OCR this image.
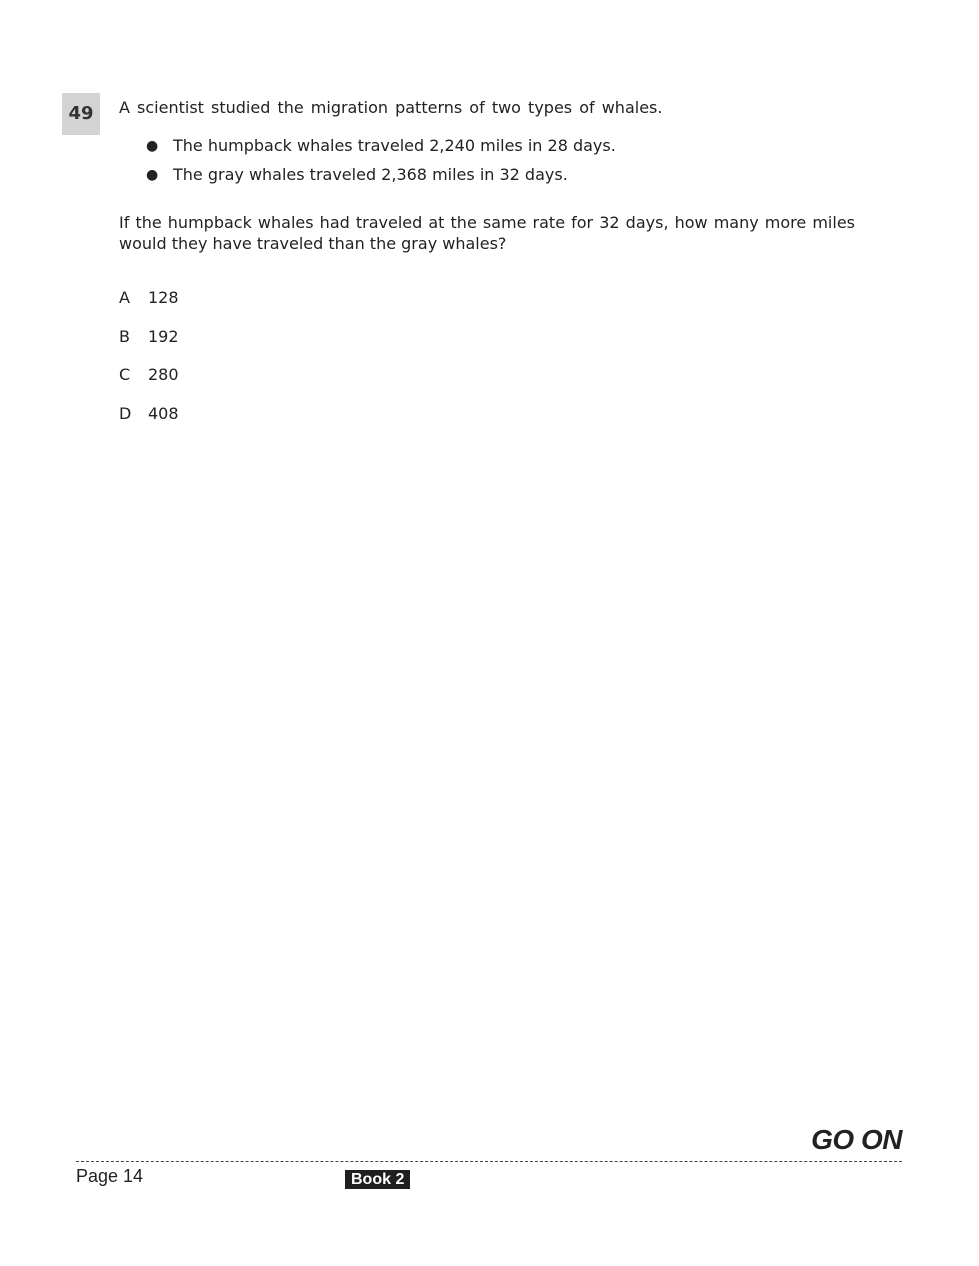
49	A scientist studied the migration patterns of two types of whales.
● The humpback whales traveled 2,240 miles in 28 days.
● The gray whales traveled 2,368 miles in 32 days.
If the humpback whales had traveled at the same rate for 32 days, how many more miles would they have traveled than the gray whales?
A	128
B	192
C	280
D	408
GO ON
Page 14	Book 2
